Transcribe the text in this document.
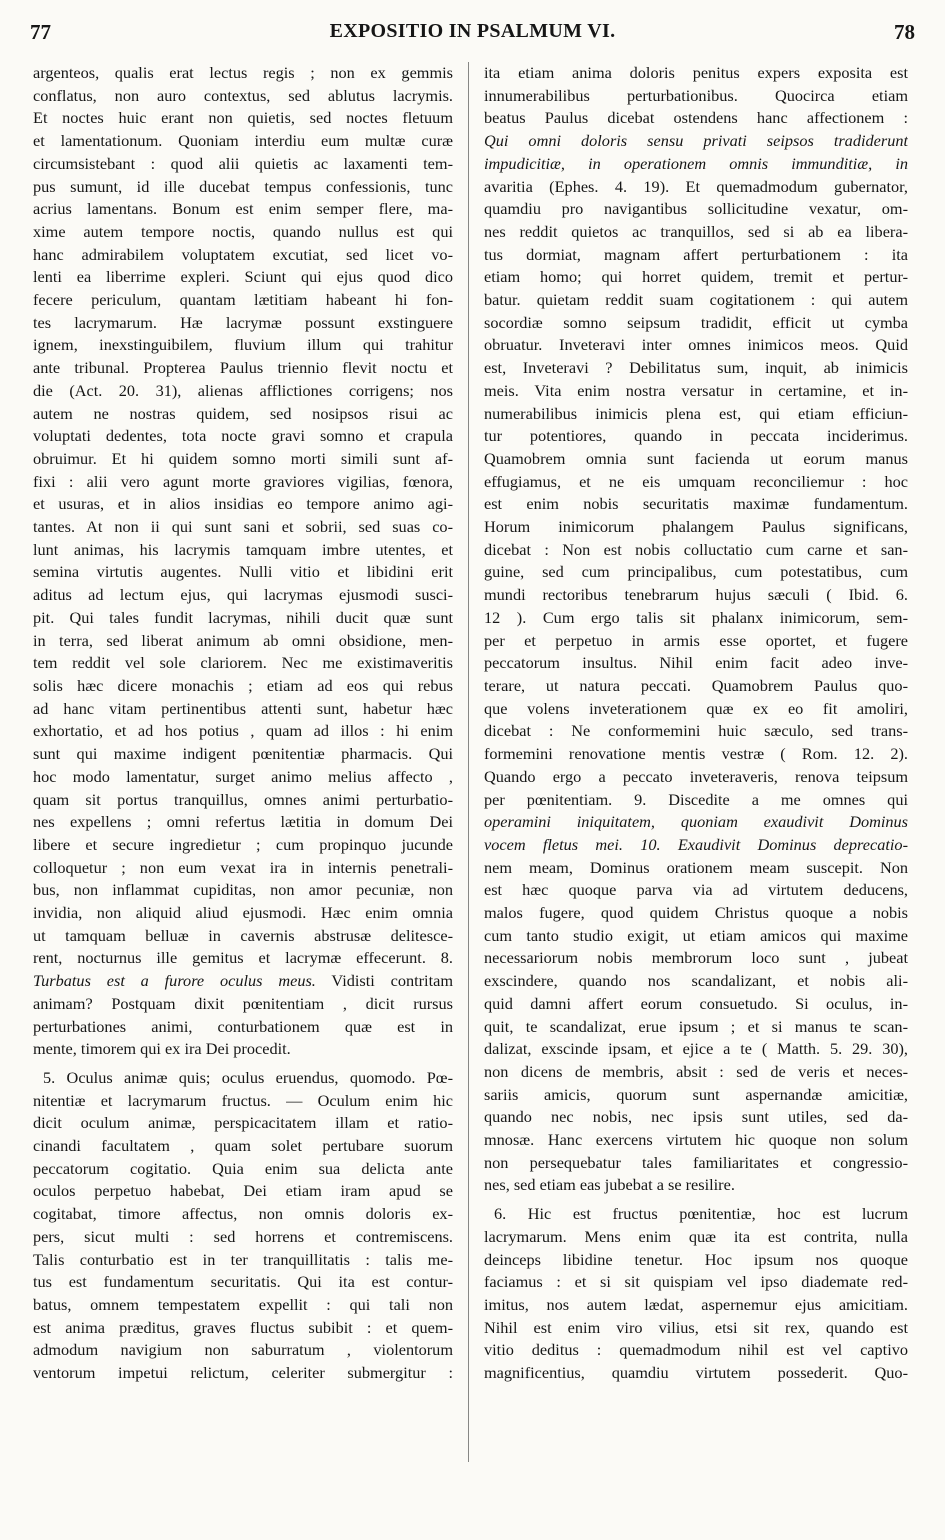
77	EXPOSITIO IN PSALMUM VI.	78
argenteos, qualis erat lectus regis ; non ex gemmis
conflatus, non auro contextus, sed ablutus lacrymis.
Et noctes huic erant non quietis, sed noctes fletuum
et lamentationum. Quoniam interdiu eum multæ curæ
circumsistebant : quod alii quietis ac laxamenti tem-
pus sumunt, id ille ducebat tempus confessionis, tunc
acrius lamentans. Bonum est enim semper flere, ma-
xime autem tempore noctis, quando nullus est qui
hanc admirabilem voluptatem excutiat, sed licet vo-
lenti ea liberrime expleri. Sciunt qui ejus quod dico
fecere periculum, quantam lætitiam habeant hi fon-
tes lacrymarum. Hæ lacrymæ possunt exstinguere
ignem, inexstinguibilem, fluvium illum qui trahitur
ante tribunal. Propterea Paulus triennio flevit noctu et
die (Act. 20. 31), alienas afflictiones corrigens; nos
autem ne nostras quidem, sed nosipsos risui ac
voluptati dedentes, tota nocte gravi somno et crapula
obruimur. Et hi quidem somno morti simili sunt af-
fixi : alii vero agunt morte graviores vigilias, fœnora,
et usuras, et in alios insidias eo tempore animo agi-
tantes. At non ii qui sunt sani et sobrii, sed suas co-
lunt animas, his lacrymis tamquam imbre utentes, et
semina virtutis augentes. Nulli vitio et libidini erit
aditus ad lectum ejus, qui lacrymas ejusmodi susci-
pit. Qui tales fundit lacrymas, nihili ducit quæ sunt
in terra, sed liberat animum ab omni obsidione, men-
tem reddit vel sole clariorem. Nec me existimaveritis
solis hæc dicere monachis ; etiam ad eos qui rebus
ad hanc vitam pertinentibus attenti sunt, habetur hæc
exhortatio, et ad hos potius , quam ad illos : hi enim
sunt qui maxime indigent pœnitentiæ pharmacis. Qui
hoc modo lamentatur, surget animo melius affecto ,
quam sit portus tranquillus, omnes animi perturbatio-
nes expellens ; omni refertus lætitia in domum Dei
libere et secure ingredietur ; cum propinquo jucunde
colloquetur ; non eum vexat ira in internis penetrali-
bus, non inflammat cupiditas, non amor pecuniæ, non
invidia, non aliquid aliud ejusmodi. Hæc enim omnia
ut tamquam belluæ in cavernis abstrusæ delitesce-
rent, nocturnus ille gemitus et lacrymæ effecerunt. 8.
Turbatus est a furore oculus meus. Vidisti contritam
animam? Postquam dixit pœnitentiam , dicit rursus
perturbationes animi, conturbationem quæ est in
mente, timorem qui ex ira Dei procedit.
5. Oculus animæ quis; oculus eruendus, quomodo. Pœ-
nitentiæ et lacrymarum fructus. — Oculum enim hic
dicit oculum animæ, perspicacitatem illam et ratio-
cinandi facultatem , quam solet pertubare suorum
peccatorum cogitatio. Quia enim sua delicta ante
oculos perpetuo habebat, Dei etiam iram apud se
cogitabat, timore affectus, non omnis doloris ex-
pers, sicut multi : sed horrens et contremiscens.
Talis conturbatio est in ter tranquillitatis : talis me-
tus est fundamentum securitatis. Qui ita est contur-
batus, omnem tempestatem expellit : qui tali non
est anima præditus, graves fluctus subibit : et quem-
admodum navigium non saburratum , violentorum
ventorum impetui relictum, celeriter submergitur :
ita etiam anima doloris penitus expers exposita est
innumerabilibus perturbationibus. Quocirca etiam
beatus Paulus dicebat ostendens hanc affectionem :
Qui omni doloris sensu privati seipsos tradiderunt
impudicitiæ, in operationem omnis immunditiæ, in
avaritia (Ephes. 4. 19). Et quemadmodum gubernator,
quamdiu pro navigantibus sollicitudine vexatur, om-
nes reddit quietos ac tranquillos, sed si ab ea libera-
tus dormiat, magnam affert perturbationem : ita
etiam homo; qui horret quidem, tremit et pertur-
batur. quietam reddit suam cogitationem : qui autem
socordiæ somno seipsum tradidit, efficit ut cymba
obruatur. Inveteravi inter omnes inimicos meos. Quid
est, Inveteravi ? Debilitatus sum, inquit, ab inimicis
meis. Vita enim nostra versatur in certamine, et in-
numerabilibus inimicis plena est, qui etiam efficiun-
tur potentiores, quando in peccata inciderimus.
Quamobrem omnia sunt facienda ut eorum manus
effugiamus, et ne eis umquam reconciliemur : hoc
est enim nobis securitatis maximæ fundamentum.
Horum inimicorum phalangem Paulus significans,
dicebat : Non est nobis colluctatio cum carne et san-
guine, sed cum principalibus, cum potestatibus, cum
mundi rectoribus tenebrarum hujus sæculi ( Ibid. 6.
12 ). Cum ergo talis sit phalanx inimicorum, sem-
per et perpetuo in armis esse oportet, et fugere
peccatorum insultus. Nihil enim facit adeo inve-
terare, ut natura peccati. Quamobrem Paulus quo-
que volens inveterationem quæ ex eo fit amoliri,
dicebat : Ne conformemini huic sæculo, sed trans-
formemini renovatione mentis vestræ ( Rom. 12. 2).
Quando ergo a peccato inveteraveris, renova teipsum
per pœnitentiam. 9. Discedite a me omnes qui
operamini iniquitatem, quoniam exaudivit Dominus
vocem fletus mei. 10. Exaudivit Dominus deprecatio-
nem meam, Dominus orationem meam suscepit. Non
est hæc quoque parva via ad virtutem deducens,
malos fugere, quod quidem Christus quoque a nobis
cum tanto studio exigit, ut etiam amicos qui maxime
necessariorum nobis membrorum loco sunt , jubeat
exscindere, quando nos scandalizant, et nobis ali-
quid damni affert eorum consuetudo. Si oculus, in-
quit, te scandalizat, erue ipsum ; et si manus te scan-
dalizat, exscinde ipsam, et ejice a te ( Matth. 5. 29. 30),
non dicens de membris, absit : sed de veris et neces-
sariis amicis, quorum sunt aspernandæ amicitiæ,
quando nec nobis, nec ipsis sunt utiles, sed da-
mnosæ. Hanc exercens virtutem hic quoque non solum
non persequebatur tales familiaritates et congressio-
nes, sed etiam eas jubebat a se resilire.
6. Hic est fructus pœnitentiæ, hoc est lucrum
lacrymarum. Mens enim quæ ita est contrita, nulla
deinceps libidine tenetur. Hoc ipsum nos quoque
faciamus : et si sit quispiam vel ipso diademate red-
imitus, nos autem lædat, aspernemur ejus amicitiam.
Nihil est enim viro vilius, etsi sit rex, quando est
vitio deditus : quemadmodum nihil est vel captivo
magnificentius, quamdiu virtutem possederit. Quo-
